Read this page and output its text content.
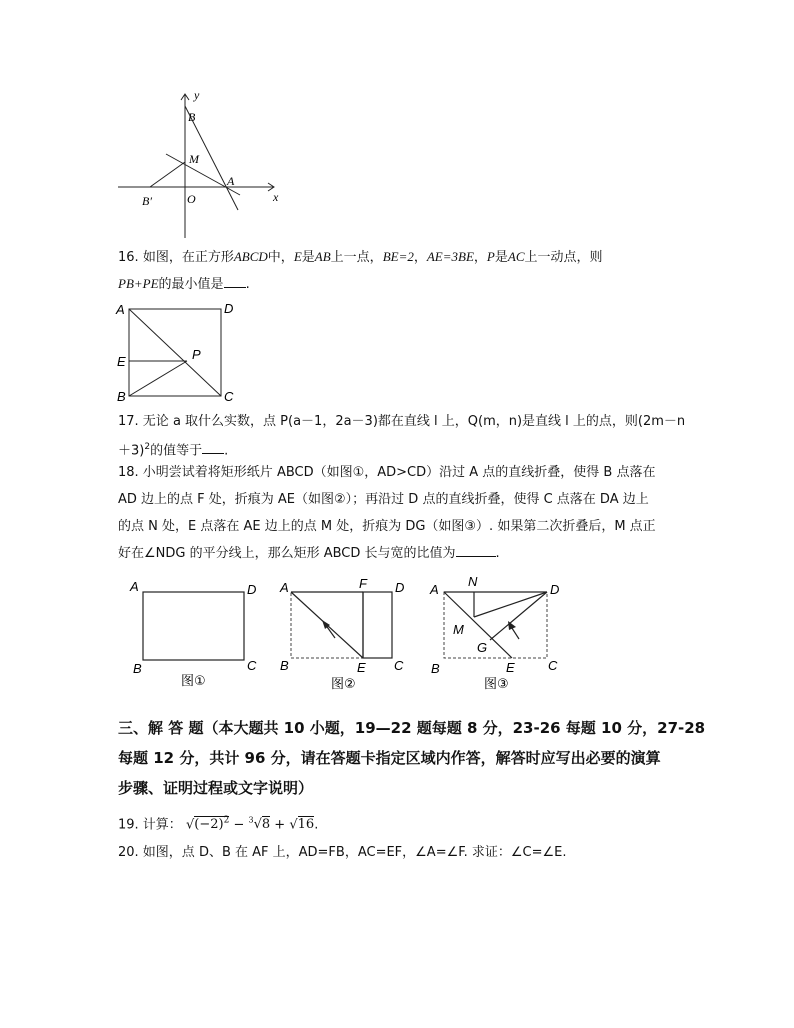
y
x
B
M
A
B′	O
16. 如图，在正方形ABCD中，E是AB上一点，BE=2，AE=3BE，P是AC上一动点，则
PB+PE的最小值是 .
A	D
E	P
B	C
17. 无论 a 取什么实数，点 P(a－1，2a－3)都在直线 l 上，Q(m，n)是直线 l 上的点，则(2m－n
＋3)$^2$的值等于 .
18. 小明尝试着将矩形纸片 ABCD（如图①，AD>CD）沿过 A 点的直线折叠，使得 B 点落在
AD 边上的点 F 处，折痕为 AE（如图②）；再沿过 D 点的直线折叠，使得 C 点落在 DA 边上
的点 N 处，E 点落在 AE 边上的点 M 处，折痕为 DG（如图③）. 如果第二次折叠后，M 点正
好在∠NDG 的平分线上，那么矩形 ABCD 长与宽的比值为	.
A	D
B	C
图①
A	F D
B	E C
图②
A
N
D
M
G
B	E	C
图③
三、解 答 题（本大题共 10 小题，19—22 题每题 8 分，23-26 每题 10 分，27-28
每题 12 分，共计 96 分，请在答题卡指定区域内作答，解答时应写出必要的演算
步骤、证明过程或文字说明）
19. 计算： $√(-2)^2 - ^3√8 + √16$.
20. 如图，点 D、B 在 AF 上，AD=FB，AC=EF，∠A=∠F. 求证：∠C=∠E.
